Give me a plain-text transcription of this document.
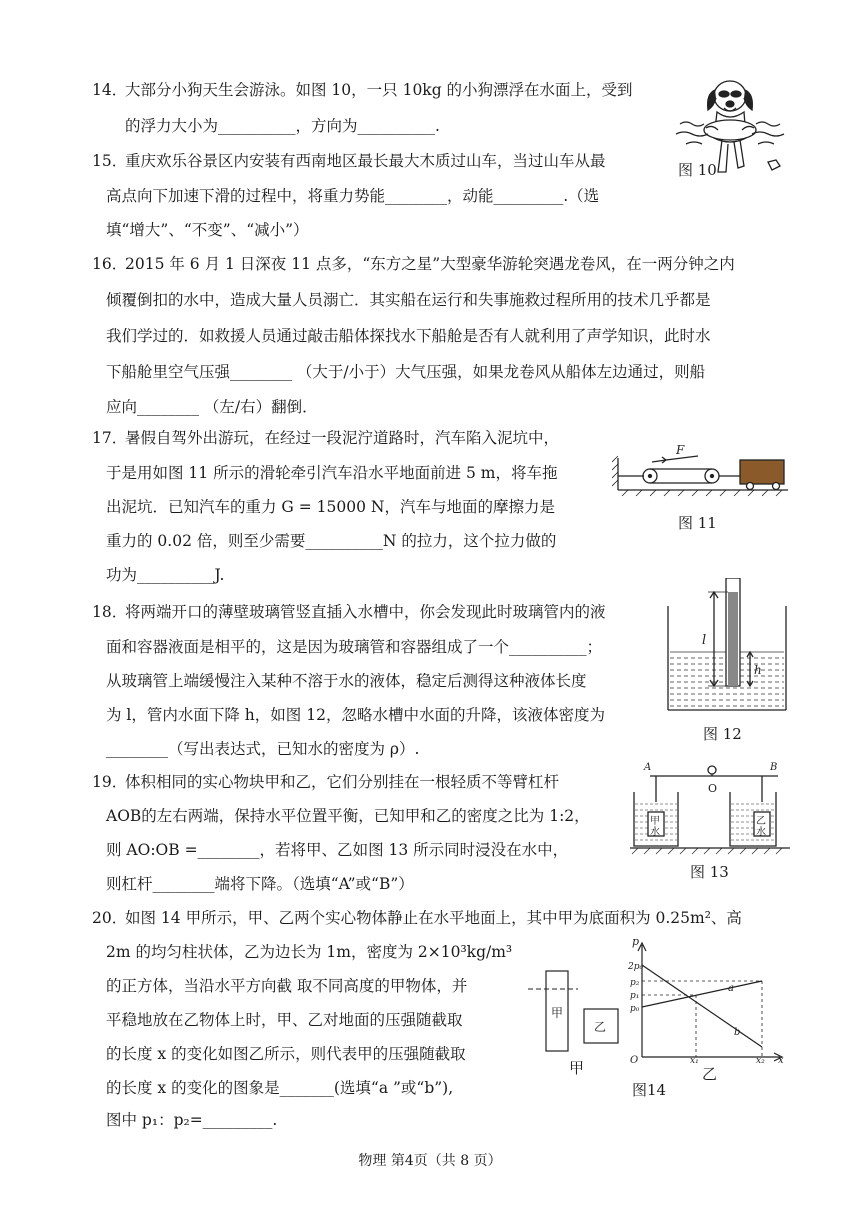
14．
大部分小狗天生会游泳。如图 10，一只 10kg 的小狗漂浮在水面上，受到
的浮力大小为__________，方向为__________.
15．
重庆欢乐谷景区内安装有西南地区最长最大木质过山车，当过山车从最
高点向下加速下滑的过程中，将重力势能________，动能_________.（选
填“增大”、“不变”、“减小”）
16．
2015 年 6 月 1 日深夜 11 点多，“东方之星”大型豪华游轮突遇龙卷风，在一两分钟之内
倾覆倒扣的水中，造成大量人员溺亡．其实船在运行和失事施救过程所用的技术几乎都是
我们学过的．如救援人员通过敲击船体探找水下船舱是否有人就利用了声学知识，此时水
下船舱里空气压强________ （大于/小于）大气压强，如果龙卷风从船体左边通过，则船
应向________ （左/右）翻倒．
17．
暑假自驾外出游玩，在经过一段泥泞道路时，汽车陷入泥坑中，
于是用如图 11 所示的滑轮牵引汽车沿水平地面前进 5 m，将车拖
出泥坑．已知汽车的重力 G = 15000 N，汽车与地面的摩擦力是
重力的 0.02 倍，则至少需要__________N 的拉力，这个拉力做的
功为__________J.
18．
将两端开口的薄壁玻璃管竖直插入水槽中，你会发现此时玻璃管内的液
面和容器液面是相平的，这是因为玻璃管和容器组成了一个__________；
从玻璃管上端缓慢注入某种不溶于水的液体，稳定后测得这种液体长度
为 l，管内水面下降 h，如图 12，忽略水槽中水面的升降，该液体密度为
________（写出表达式，已知水的密度为 ρ）.
19．
体积相同的实心物块甲和乙，它们分别挂在一根轻质不等臂杠杆
AOB的左右两端，保持水平位置平衡，已知甲和乙的密度之比为 1:2，
则 AO:OB =________，若将甲、乙如图 13 所示同时浸没在水中，
则杠杆________端将下降。（选填“A”或“B”）
20．
如图 14 甲所示，甲、乙两个实心物体静止在水平地面上，其中甲为底面积为 0.25m²、高
2m 的均匀柱状体，乙为边长为 1m，密度为 2×10³kg/m³
的正方体，当沿水平方向截 取不同高度的甲物体，并
平稳地放在乙物体上时，甲、乙对地面的压强随截取
的长度 x 的变化如图乙所示，则代表甲的压强随截取
的长度 x 的变化的图象是_______(选填“a ”或“b”),
图中 p₁：p₂=_________.
图 10
F
图 11
l
h
图 12
A
O
B
甲
水
乙
水
图 13
甲
乙
甲
p
2p₀
p₂
p₁
p₀
a
b
O	x₁	x₂ x
乙
图14
物理 第4页（共 8 页）
